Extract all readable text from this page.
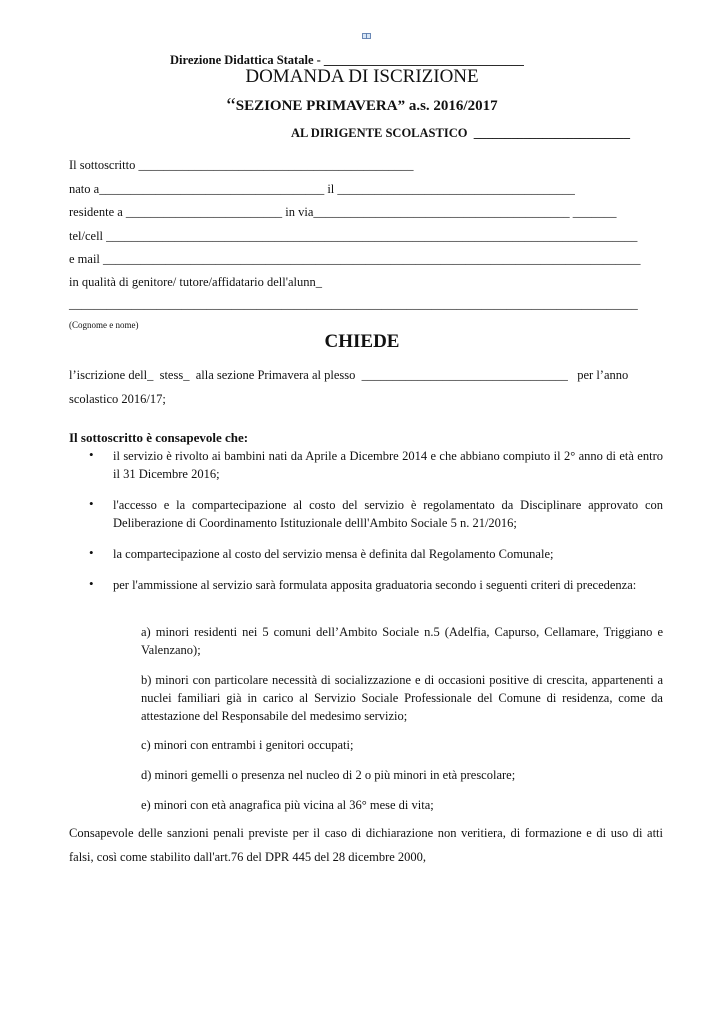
Direzione Didattica Statale - ________________________________
DOMANDA DI ISCRIZIONE
“SEZIONE PRIMAVERA” a.s. 2016/2017
AL DIRIGENTE SCOLASTICO  _________________________
Il sottoscritto ____________________________________________
nato a____________________________________ il ______________________________________
residente a _________________________ in via_________________________________________ _______
tel/cell _____________________________________________________________________________________
e mail ______________________________________________________________________________________
in qualità di genitore/ tutore/affidatario dell'alunn_
___________________________________________________________________________________________
(Cognome e nome)
CHIEDE
l’iscrizione dell_  stess_  alla sezione Primavera al plesso  _________________________________   per l’anno
scolastico 2016/17;
Il sottoscritto è consapevole che:
• il servizio è rivolto ai bambini nati da Aprile a Dicembre 2014 e che abbiano compiuto il 2° anno di età entro il 31 Dicembre 2016;
• l'accesso e la compartecipazione al costo del servizio è regolamentato da Disciplinare approvato con Deliberazione di Coordinamento Istituzionale delll'Ambito Sociale 5 n. 21/2016;
• la compartecipazione al costo del servizio mensa è definita dal Regolamento Comunale;
• per l'ammissione al servizio sarà formulata apposita graduatoria secondo i seguenti criteri di precedenza:
a) minori residenti nei 5 comuni dell’Ambito Sociale n.5 (Adelfia, Capurso, Cellamare, Triggiano e Valenzano);
b) minori con particolare necessità di socializzazione e di occasioni positive di crescita, appartenenti a nuclei familiari già in carico al Servizio Sociale Professionale del Comune di residenza, come da attestazione del Responsabile del medesimo servizio;
c) minori con entrambi i genitori occupati;
d) minori gemelli o presenza nel nucleo di 2 o più minori in età prescolare;
e) minori con età anagrafica più vicina al 36° mese di vita;
Consapevole delle sanzioni penali previste per il caso di dichiarazione non veritiera, di formazione e di uso di atti falsi, così come stabilito dall'art.76 del DPR 445 del 28 dicembre 2000,
